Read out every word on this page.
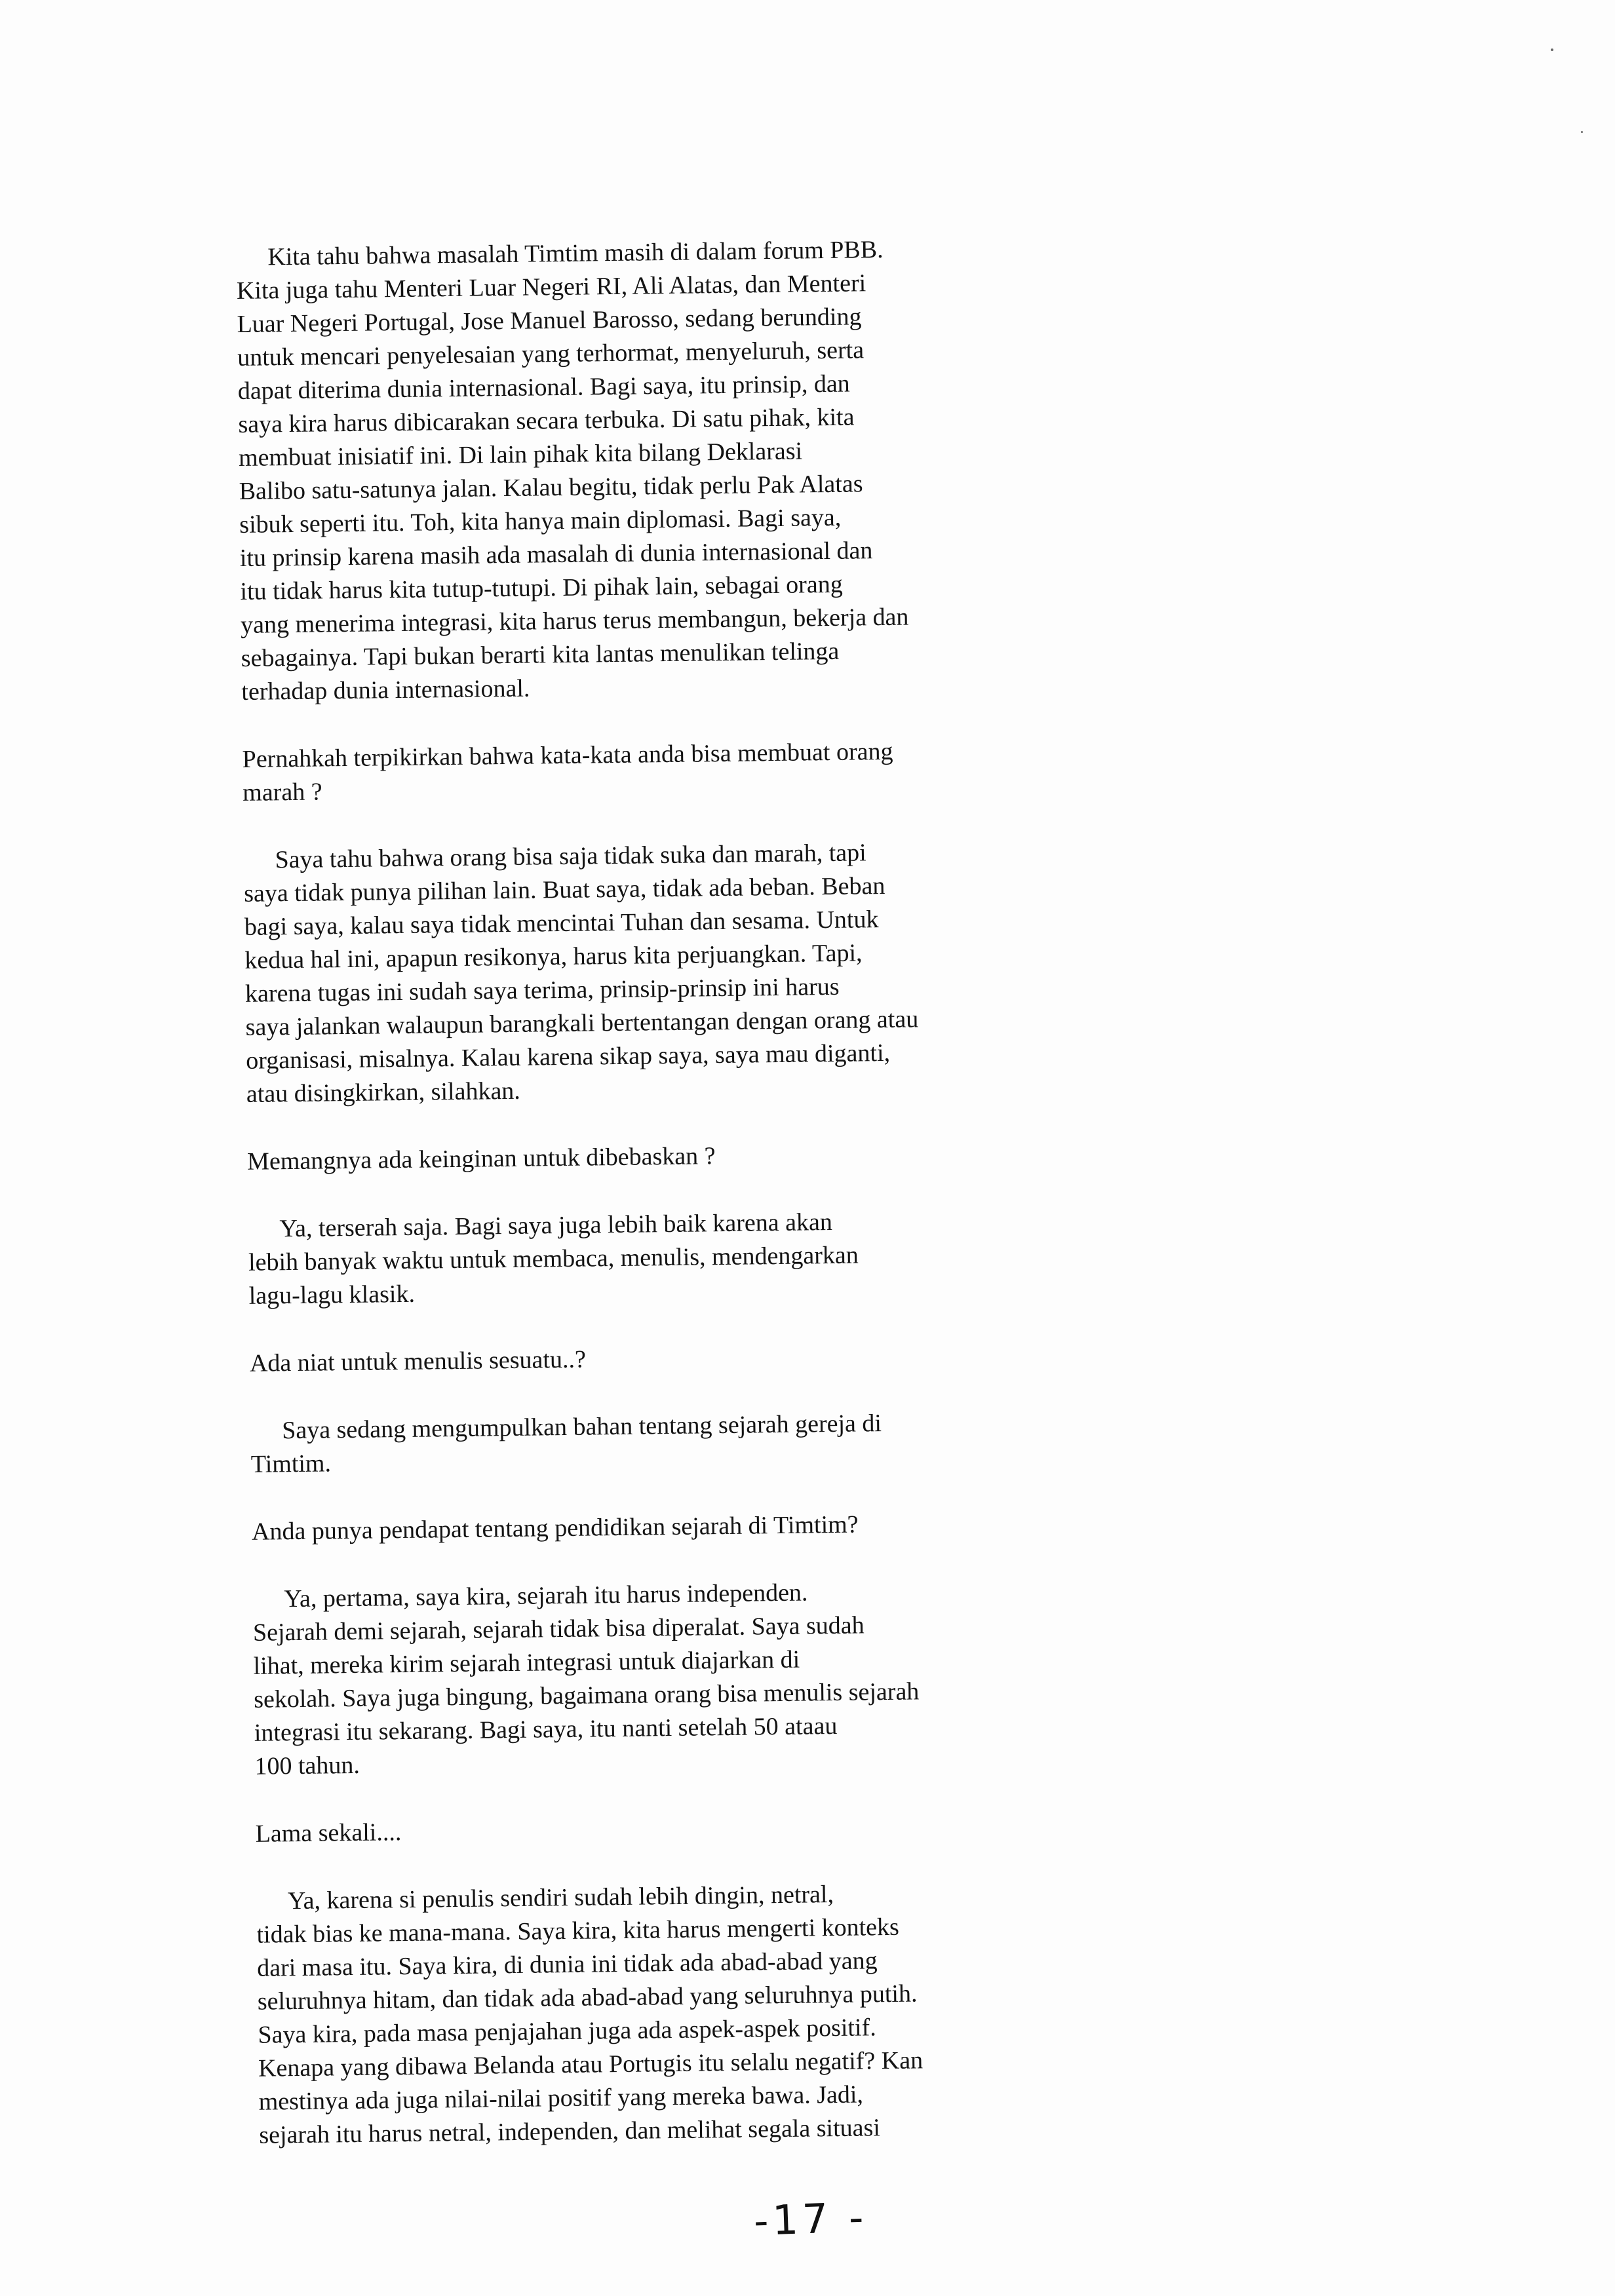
Kita tahu bahwa masalah Timtim masih di dalam forum PBB.
Kita juga tahu Menteri Luar Negeri RI, Ali Alatas, dan Menteri
Luar Negeri Portugal, Jose Manuel Barosso, sedang berunding
untuk mencari penyelesaian yang terhormat, menyeluruh, serta
dapat diterima dunia internasional. Bagi saya, itu prinsip, dan
saya kira harus dibicarakan secara terbuka. Di satu pihak, kita
membuat inisiatif ini. Di lain pihak kita bilang Deklarasi
Balibo satu-satunya jalan. Kalau begitu, tidak perlu Pak Alatas
sibuk seperti itu. Toh, kita hanya main diplomasi. Bagi saya,
itu prinsip karena masih ada masalah di dunia internasional dan
itu tidak harus kita tutup-tutupi. Di pihak lain, sebagai orang
yang menerima integrasi, kita harus terus membangun, bekerja dan
sebagainya. Tapi bukan berarti kita lantas menulikan telinga
terhadap dunia internasional.
Pernahkah terpikirkan bahwa kata-kata anda bisa membuat orang
marah ?
Saya tahu bahwa orang bisa saja tidak suka dan marah, tapi
saya tidak punya pilihan lain. Buat saya, tidak ada beban. Beban
bagi saya, kalau saya tidak mencintai Tuhan dan sesama. Untuk
kedua hal ini, apapun resikonya, harus kita perjuangkan. Tapi,
karena tugas ini sudah saya terima, prinsip-prinsip ini harus
saya jalankan walaupun barangkali bertentangan dengan orang atau
organisasi, misalnya. Kalau karena sikap saya, saya mau diganti,
atau disingkirkan, silahkan.
Memangnya ada keinginan untuk dibebaskan ?
Ya, terserah saja. Bagi saya juga lebih baik karena akan
lebih banyak waktu untuk membaca, menulis, mendengarkan
lagu-lagu klasik.
Ada niat untuk menulis sesuatu..?
Saya sedang mengumpulkan bahan tentang sejarah gereja di
Timtim.
Anda punya pendapat tentang pendidikan sejarah di Timtim?
Ya, pertama, saya kira, sejarah itu harus independen.
Sejarah demi sejarah, sejarah tidak bisa diperalat. Saya sudah
lihat, mereka kirim sejarah integrasi untuk diajarkan di
sekolah. Saya juga bingung, bagaimana orang bisa menulis sejarah
integrasi itu sekarang. Bagi saya, itu nanti setelah 50 ataau
100 tahun.
Lama sekali....
Ya, karena si penulis sendiri sudah lebih dingin, netral,
tidak bias ke mana-mana. Saya kira, kita harus mengerti konteks
dari masa itu. Saya kira, di dunia ini tidak ada abad-abad yang
seluruhnya hitam, dan tidak ada abad-abad yang seluruhnya putih.
Saya kira, pada masa penjajahan juga ada aspek-aspek positif.
Kenapa yang dibawa Belanda atau Portugis itu selalu negatif? Kan
mestinya ada juga nilai-nilai positif yang mereka bawa. Jadi,
sejarah itu harus netral, independen, dan melihat segala situasi
-17 -
